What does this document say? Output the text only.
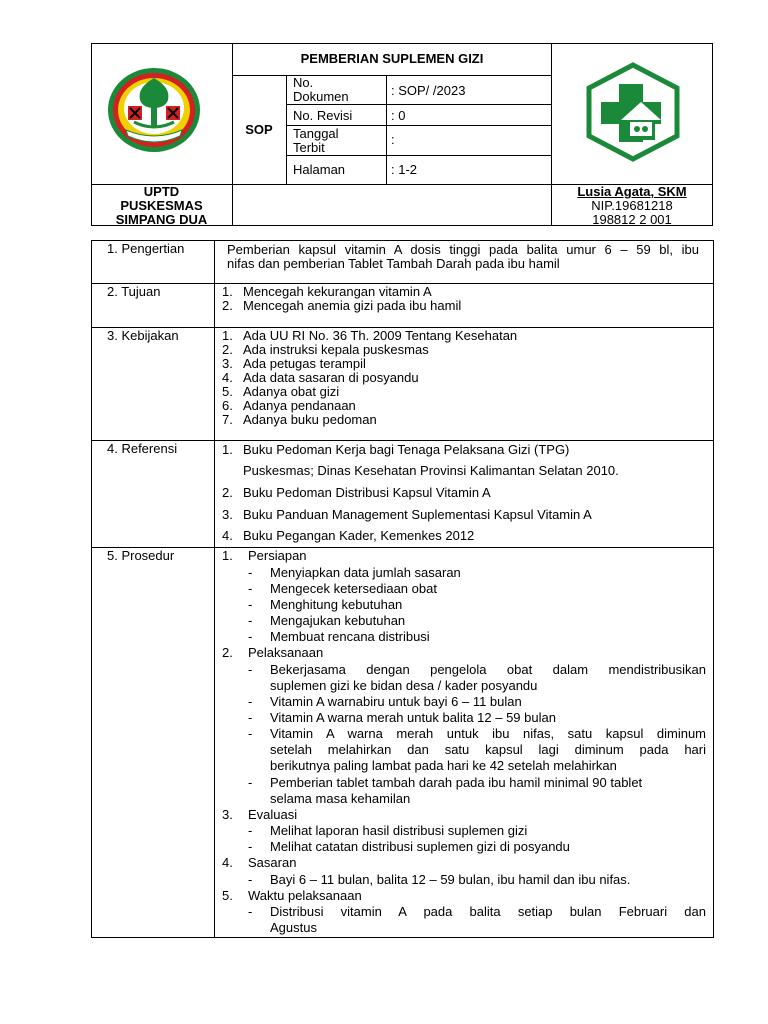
PEMBERIAN SUPLEMEN GIZI
SOP
No.
Dokumen	: SOP/ /2023
No. Revisi	: 0
Tanggal
Terbit
:
Halaman	: 1-2
UPTD
PUSKESMAS
SIMPANG DUA
Lusia Agata, SKM
NIP.19681218
198812 2 001
1. Pengertian	Pemberian kapsul vitamin A dosis tinggi pada balita umur 6 – 59 bl, ibu
nifas dan pemberian Tablet Tambah Darah pada ibu hamil
2. Tujuan	1. Mencegah kekurangan vitamin A
2. Mencegah anemia gizi pada ibu hamil
3. Kebijakan	1. Ada UU RI No. 36 Th. 2009 Tentang Kesehatan
2. Ada instruksi kepala puskesmas
3. Ada petugas terampil
4. Ada data sasaran di posyandu
5. Adanya obat gizi
6. Adanya pendanaan
7. Adanya buku pedoman
4. Referensi	1. Buku Pedoman Kerja bagi Tenaga Pelaksana Gizi (TPG)
Puskesmas; Dinas Kesehatan Provinsi Kalimantan Selatan 2010.
2. Buku Pedoman Distribusi Kapsul Vitamin A
3. Buku Panduan Management Suplementasi Kapsul Vitamin A
4. Buku Pegangan Kader, Kemenkes 2012
5. Prosedur	1. Persiapan
- Menyiapkan data jumlah sasaran
- Mengecek ketersediaan obat
- Menghitung kebutuhan
- Mengajukan kebutuhan
- Membuat rencana distribusi
2. Pelaksanaan
- Bekerjasama dengan pengelola obat dalam mendistribusikan
suplemen gizi ke bidan desa / kader posyandu
- Vitamin A warnabiru untuk bayi 6 – 11 bulan
- Vitamin A warna merah untuk balita 12 – 59 bulan
- Vitamin A warna merah untuk ibu nifas, satu kapsul diminum
setelah melahirkan dan satu kapsul lagi diminum pada hari
berikutnya paling lambat pada hari ke 42 setelah melahirkan
- Pemberian tablet tambah darah pada ibu hamil minimal 90 tablet
selama masa kehamilan
3. Evaluasi
- Melihat laporan hasil distribusi suplemen gizi
- Melihat catatan distribusi suplemen gizi di posyandu
4. Sasaran
- Bayi 6 – 11 bulan, balita 12 – 59 bulan, ibu hamil dan ibu nifas.
5. Waktu pelaksanaan
- Distribusi vitamin A pada balita setiap bulan Februari dan
Agustus
